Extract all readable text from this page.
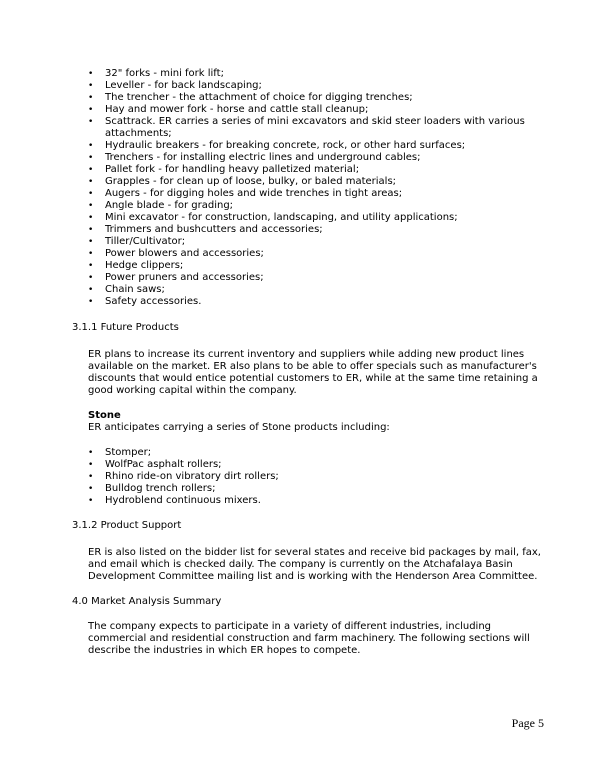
•	32" forks - mini fork lift;
•	Leveller - for back landscaping;
•	The trencher - the attachment of choice for digging trenches;
•	Hay and mower fork - horse and cattle stall cleanup;
•	Scattrack. ER carries a series of mini excavators and skid steer loaders with various attachments;
•	Hydraulic breakers - for breaking concrete, rock, or other hard surfaces;
•	Trenchers - for installing electric lines and underground cables;
•	Pallet fork - for handling heavy palletized material;
•	Grapples - for clean up of loose, bulky, or baled materials;
•	Augers - for digging holes and wide trenches in tight areas;
•	Angle blade - for grading;
•	Mini excavator - for construction, landscaping, and utility applications;
•	Trimmers and bushcutters and accessories;
•	Tiller/Cultivator;
•	Power blowers and accessories;
•	Hedge clippers;
•	Power pruners and accessories;
•	Chain saws;
•	Safety accessories.

3.1.1 Future Products

ER plans to increase its current inventory and suppliers while adding new product lines available on the market. ER also plans to be able to offer specials such as manufacturer's discounts that would entice potential customers to ER, while at the same time retaining a good working capital within the company.

Stone

ER anticipates carrying a series of Stone products including:

•	Stomper;
•	WolfPac asphalt rollers;
•	Rhino ride-on vibratory dirt rollers;
•	Bulldog trench rollers;
•	Hydroblend continuous mixers.

3.1.2 Product Support

ER is also listed on the bidder list for several states and receive bid packages by mail, fax, and email which is checked daily. The company is currently on the Atchafalaya Basin Development Committee mailing list and is working with the Henderson Area Committee.

4.0 Market Analysis Summary

The company expects to participate in a variety of different industries, including commercial and residential construction and farm machinery. The following sections will describe the industries in which ER hopes to compete.

Page 5
